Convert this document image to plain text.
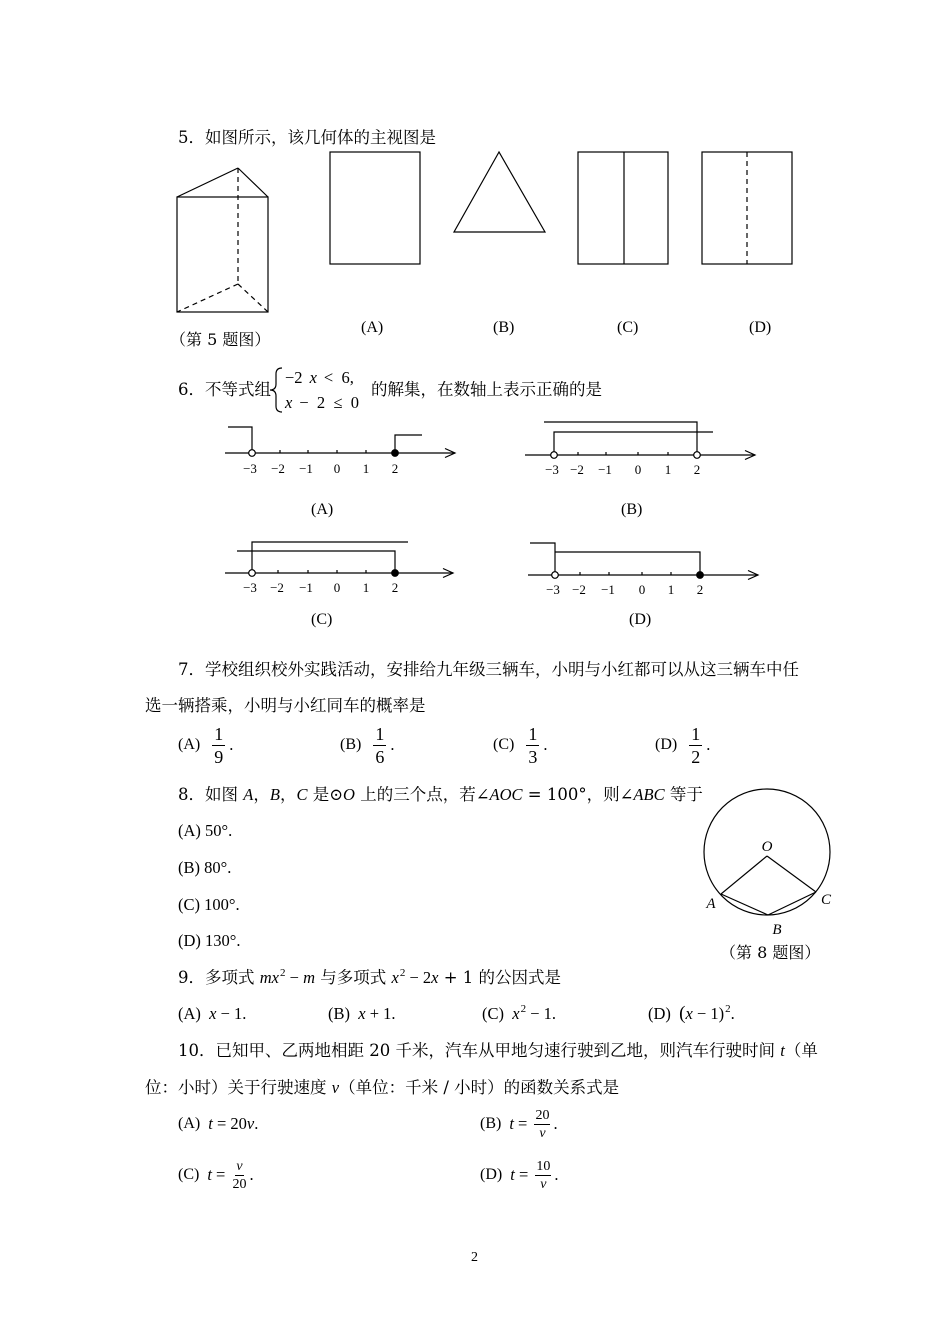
−3 −2 −1 0 1 2	−3 −2 −1 0 1 2
−3 −2 −1 0 1 2	−3 −2 −1 0 1 2
O
A
B
C
5．如图所示，该几何体的主视图是
（第 5 题图）
(A)	(B)	(C)	(D)
6．不等式组
−2 x <  6,
x −  2  ≤  0
的解集，在数轴上表示正确的是
(A)	(B)
(C)	(D)
7．学校组织校外实践活动，安排给九年级三辆车，小明与小红都可以从这三辆车中任
选一辆搭乘，小明与小红同车的概率是
$(A) \frac{1}{9}$ .	$(B) \frac{1}{6}$ .	$(C) \frac{1}{3}$ .	$(D) \frac{1}{2}$ .
8．如图 A，B，C 是⊙O 上的三个点，若∠AOC = 100°，则∠ABC 等于
(A) 50°.
(B) 80°.
(C) 100°.
(D) 130°.
（第 8 题图）
9．多项式 $mx^2 - m$ 与多项式 $x^2 - 2x + 1$ 的公因式是
(A) x − 1.	(B) x + 1.	(C) $x^2 - 1$.	(D) $(x - 1)^2$.
10．已知甲、乙两地相距 20 千米，汽车从甲地匀速行驶到乙地，则汽车行驶时间 t（单
位：小时）关于行驶速度 v（单位：千米 / 小时）的函数关系式是
(A) t = 20 v .	(B) $t = \frac{20}{v}$ .
(C) $t = \frac{v}{20}$ .	(D) $t = \frac{10}{v}$ .
2
